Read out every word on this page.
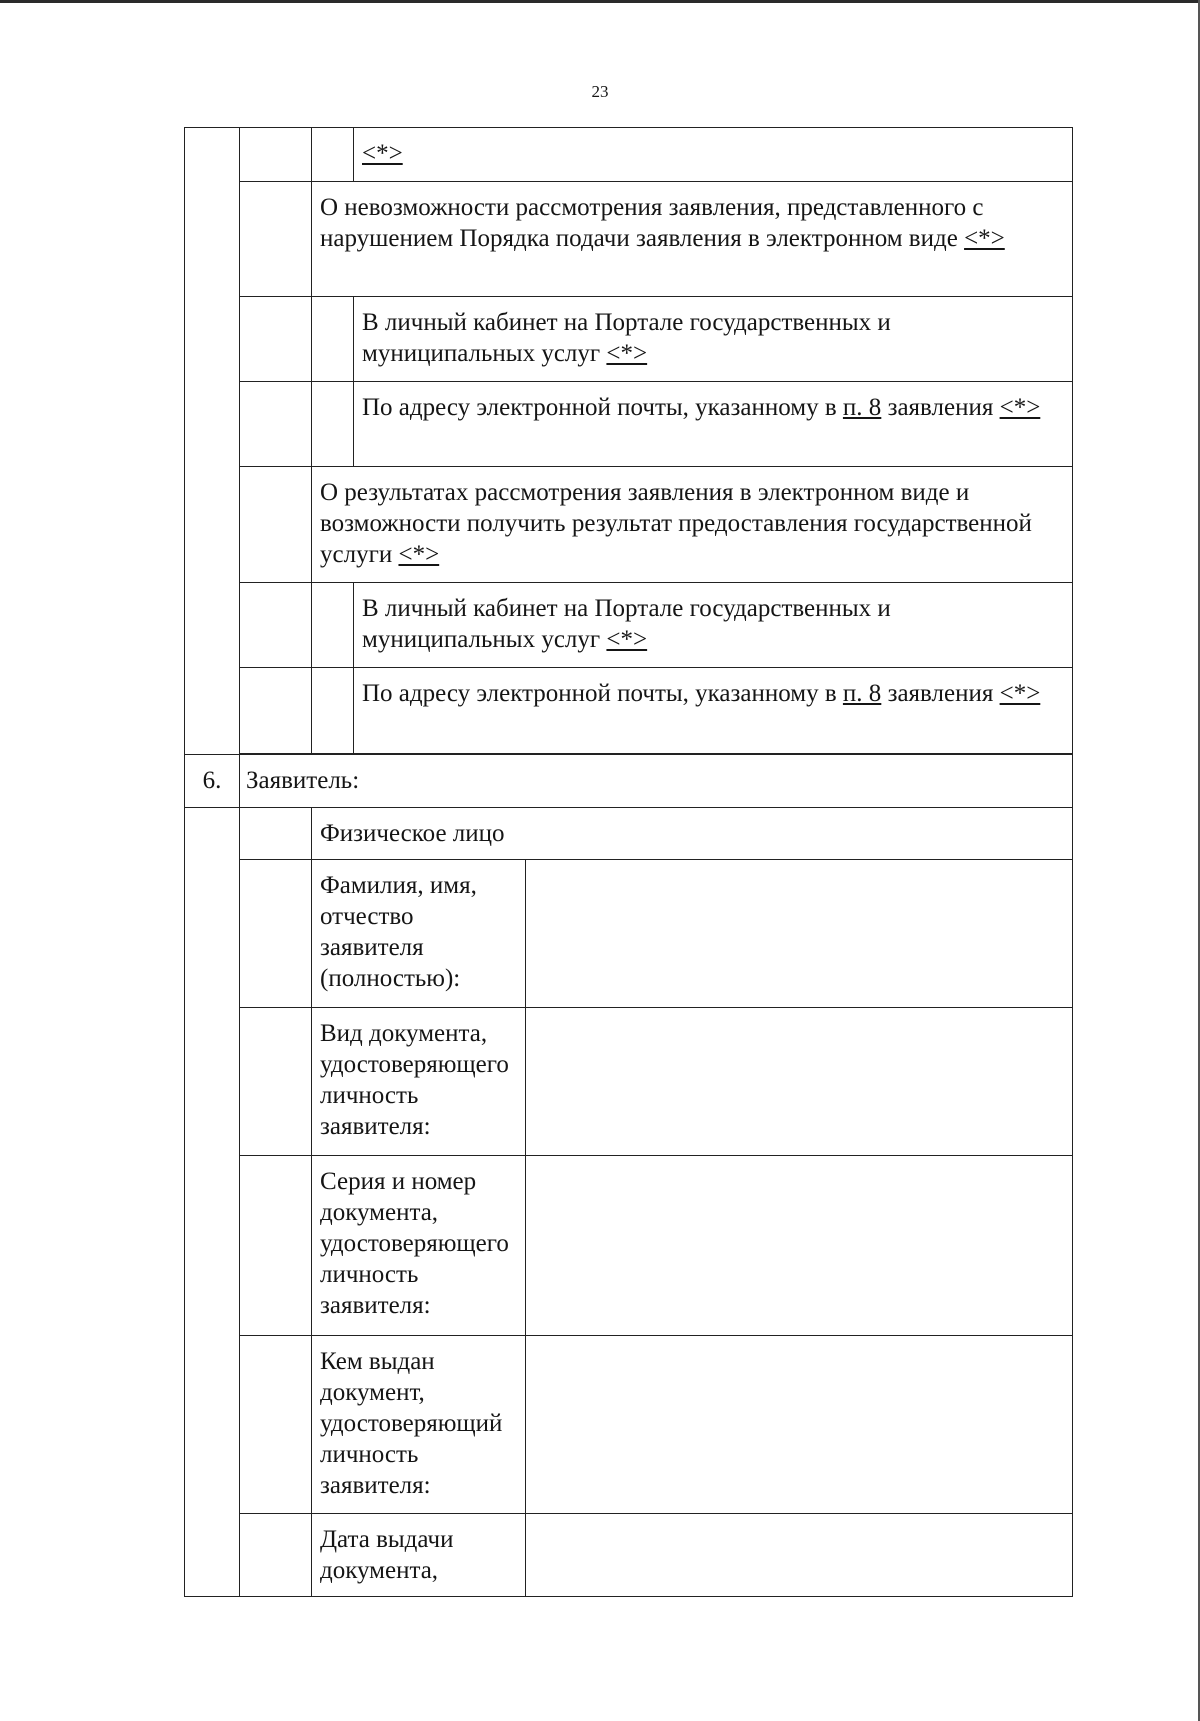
23

			<*>	

		О невозможности рассмотрения заявления, представленного с нарушением Порядка подачи заявления в электронном виде <*>		

			В личный кабинет на Портале государственных и муниципальных услуг <*>	

			По адресу электронной почты, указанному в п. 8 заявления <*>	

		О результатах рассмотрения заявления в электронном виде и возможности получить результат предоставления государственной услуги <*>		

			В личный кабинет на Портале государственных и муниципальных услуг <*>	

			По адресу электронной почты, указанному в п. 8 заявления <*>	

6.	Заявитель:			

		Физическое лицо		

		Фамилия, имя, отчество заявителя (полностью):		

		Вид документа, удостоверяющего личность заявителя:		

		Серия и номер документа, удостоверяющего личность заявителя:		

		Кем выдан документ, удостоверяющий личность заявителя:		

		Дата выдачи документа,		
